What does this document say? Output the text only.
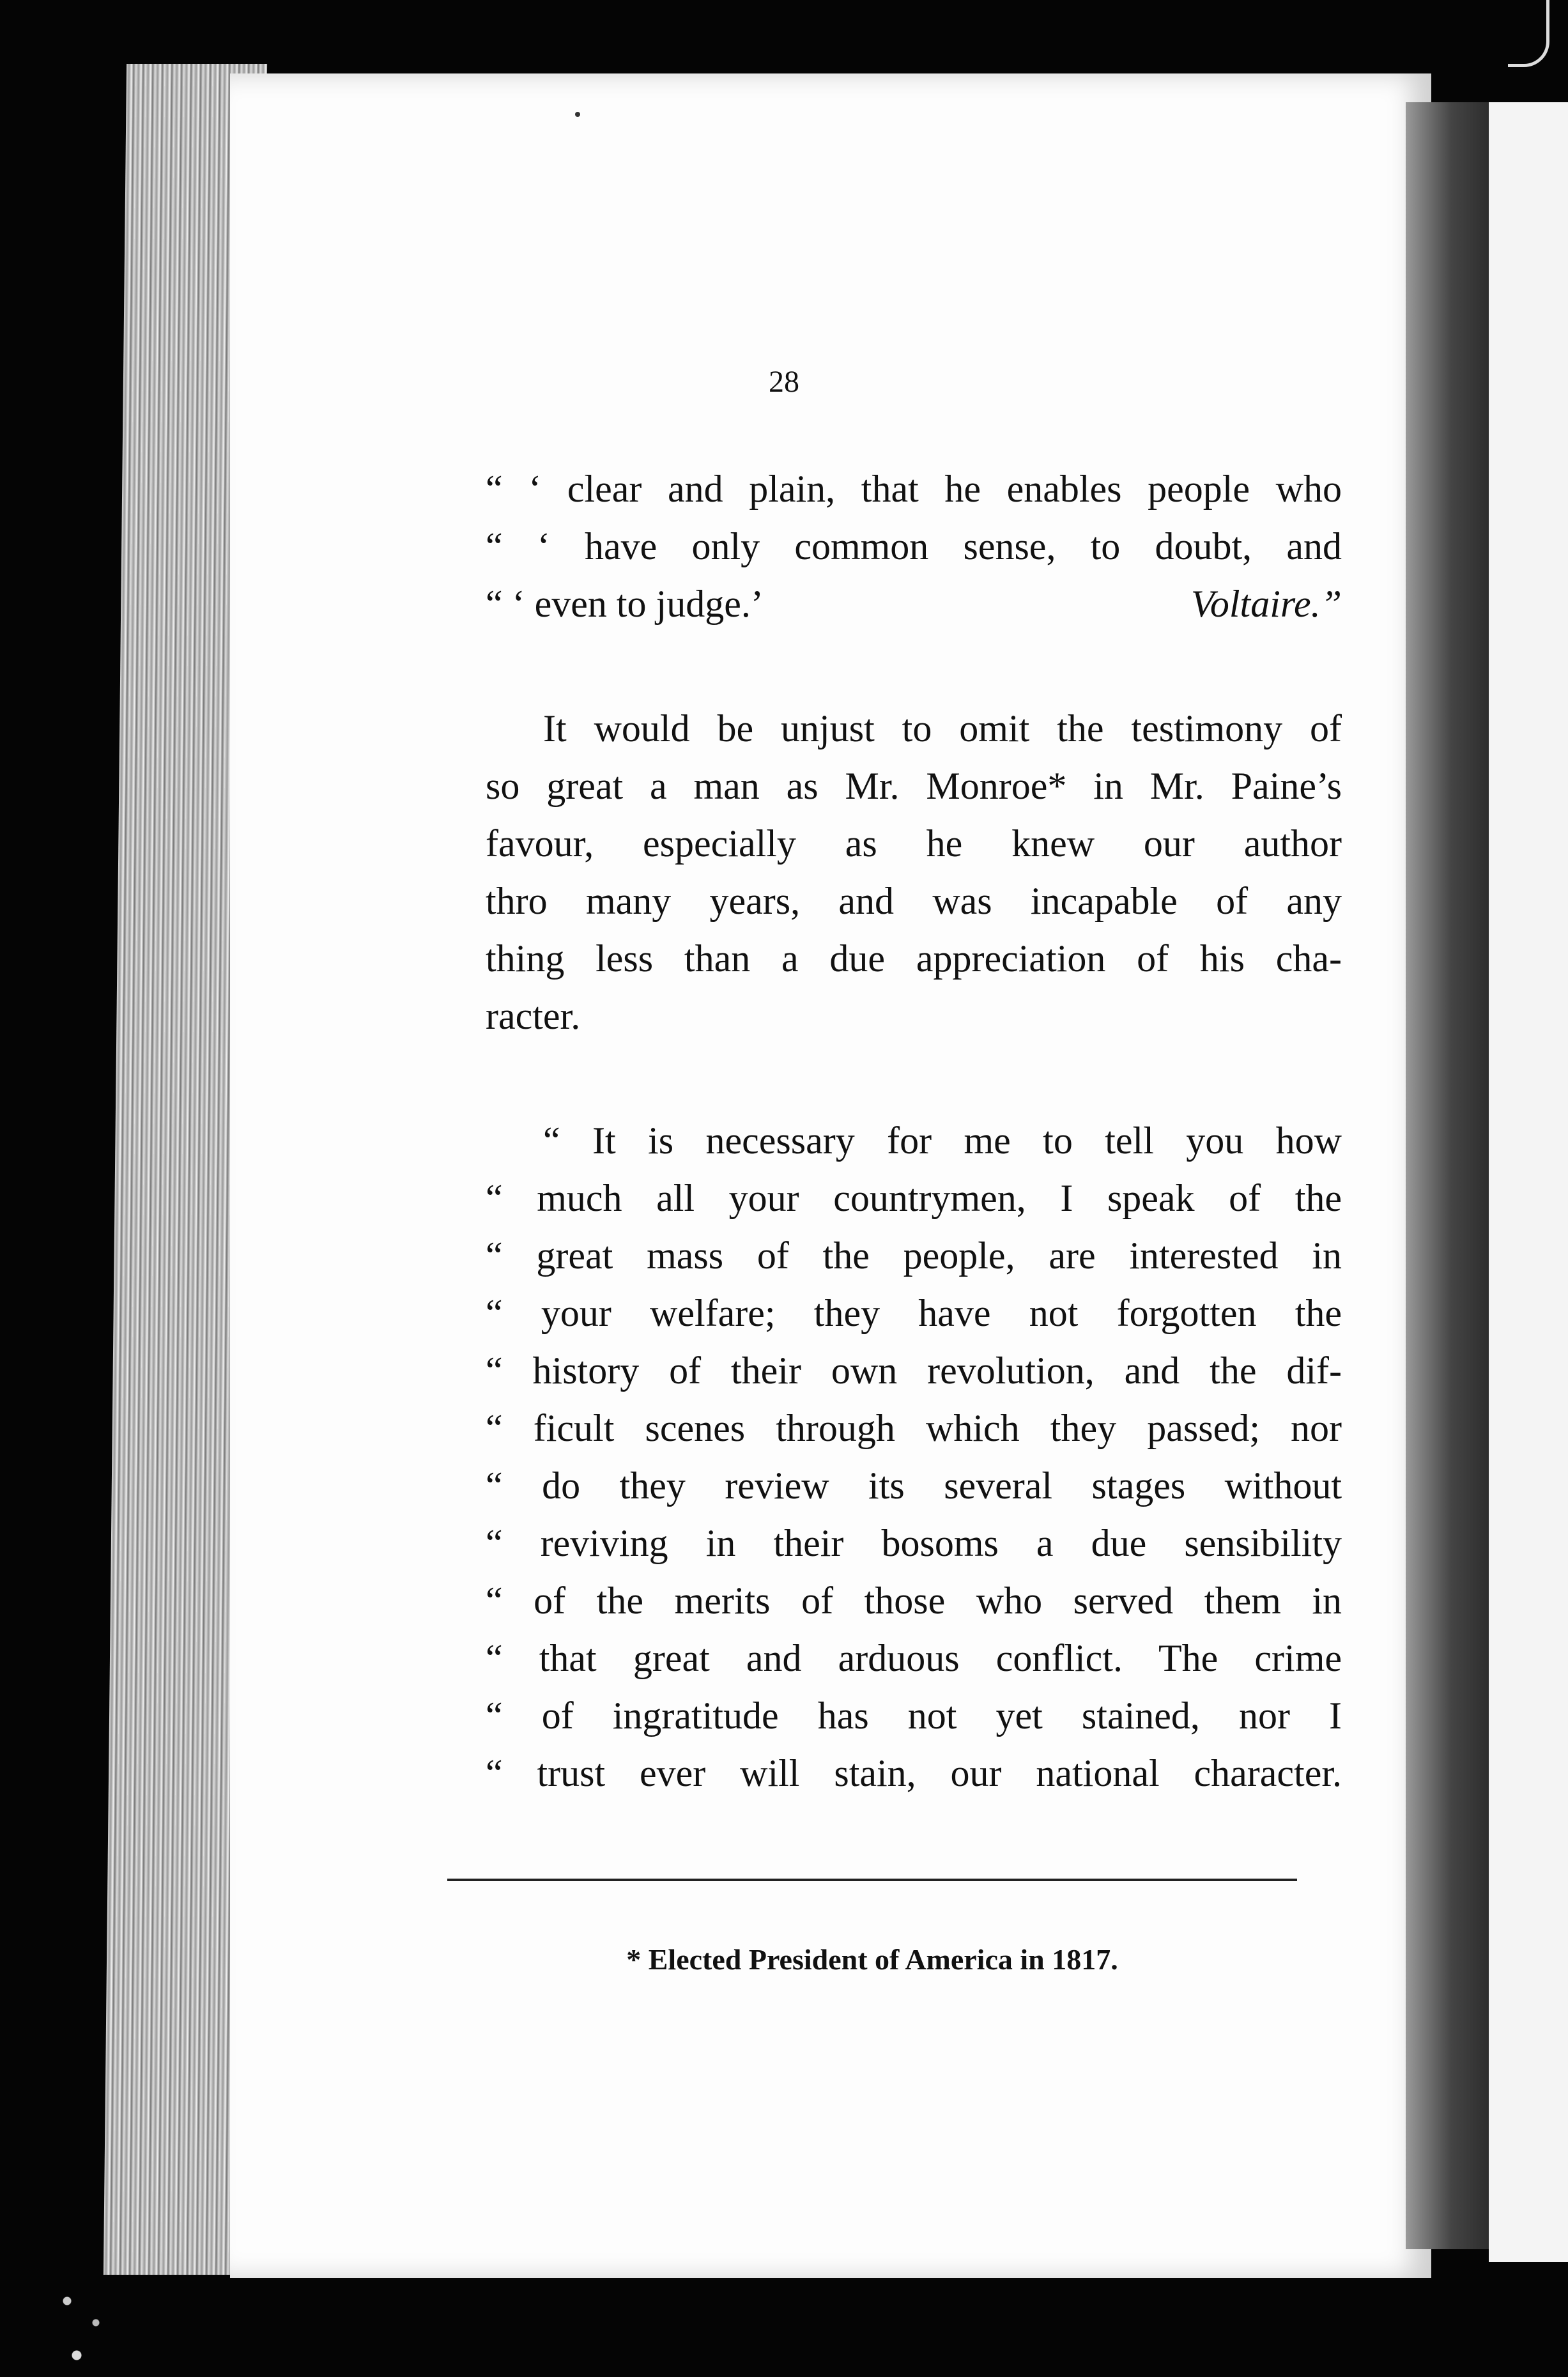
28
“ ‘ clear and plain, that he enables people who
“ ‘ have only common sense, to doubt, and
“ ‘ even to judge.’	Voltaire.”
It would be unjust to omit the testimony of
so great a man as Mr. Monroe* in Mr. Paine’s
favour, especially as he knew our author
thro many years, and was incapable of any
thing less than a due appreciation of his cha-
racter.
“ It is necessary for me to tell you how
“ much all your countrymen, I speak of the
“ great mass of the people, are interested in
“ your welfare; they have not forgotten the
“ history of their own revolution, and the dif-
“ ficult scenes through which they passed; nor
“ do they review its several stages without
“ reviving in their bosoms a due sensibility
“ of the merits of those who served them in
“ that great and arduous conflict. The crime
“ of ingratitude has not yet stained, nor I
“ trust ever will stain, our national character.
* Elected President of America in 1817.
